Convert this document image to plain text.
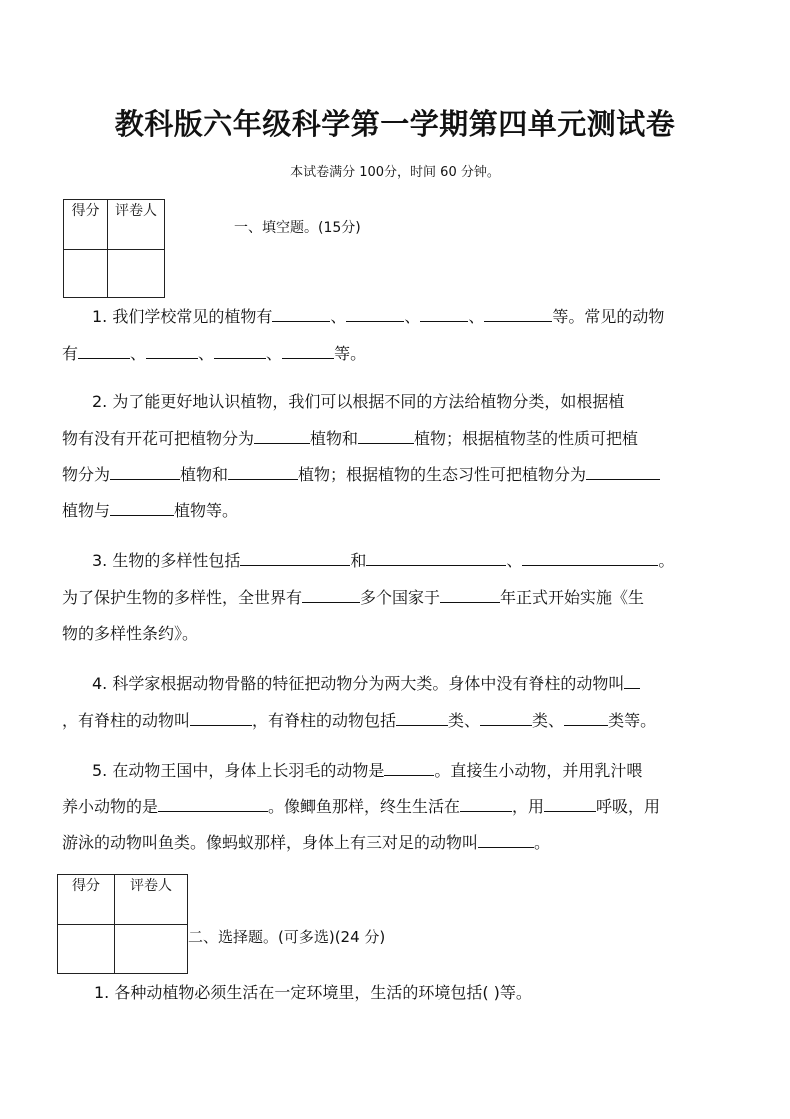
教科版六年级科学第一学期第四单元测试卷
本试卷满分 100分，时间 60 分钟。
得分	评卷人

一、填空题。(15分)
1. 我们学校常见的植物有	、	、	、	等。常见的动物
有	、	、	、	等。
2. 为了能更好地认识植物，我们可以根据不同的方法给植物分类，如根据植
物有没有开花可把植物分为	植物和	植物；根据植物茎的性质可把植
物分为	植物和	植物；根据植物的生态习性可把植物分为
植物与	植物等。
3. 生物的多样性包括	和	、	。
为了保护生物的多样性，全世界有	多个国家于	年正式开始实施《生
物的多样性条约》。
4. 科学家根据动物骨骼的特征把动物分为两大类。身体中没有脊柱的动物叫
，有脊柱的动物叫	，有脊柱的动物包括	类、	类、	类等。
5. 在动物王国中，身体上长羽毛的动物是	。直接生小动物，并用乳汁喂
养小动物的是	。像鲫鱼那样，终生生活在	，用	呼吸，用
游泳的动物叫鱼类。像蚂蚁那样，身体上有三对足的动物叫	。
得分	评卷人

二、选择题。(可多选)(24 分)
1. 各种动植物必须生活在一定环境里，生活的环境包括( )等。
